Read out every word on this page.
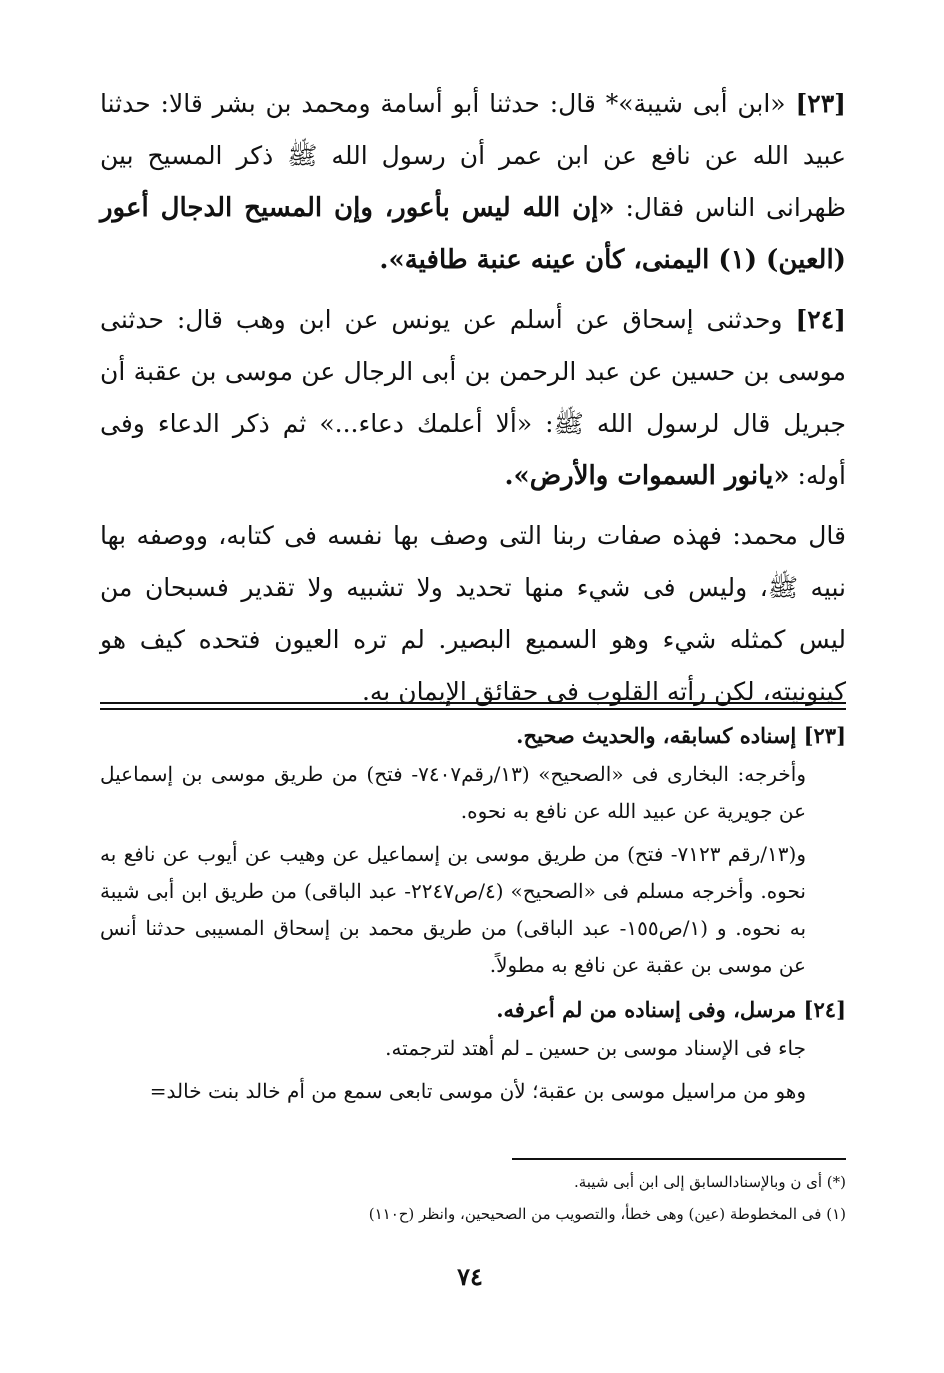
[٢٣] «ابن أبى شيبة»* قال: حدثنا أبو أسامة ومحمد بن بشر قالا: حدثنا عبيد الله عن نافع عن ابن عمر أن رسول الله ﷺ ذكر المسيح بين ظهرانى الناس فقال: «إن الله ليس بأعور، وإن المسيح الدجال أعور (العين) (١) اليمنى، كأن عينه عنبة طافية».

[٢٤] وحدثنى إسحاق عن أسلم عن يونس عن ابن وهب قال: حدثنى موسى بن حسين عن عبد الرحمن بن أبى الرجال عن موسى بن عقبة أن جبريل قال لرسول الله ﷺ: «ألا أعلمك دعاء...» ثم ذكر الدعاء وفى أوله: «يانور السموات والأرض».

قال محمد: فهذه صفات ربنا التى وصف بها نفسه فى كتابه، ووصفه بها نبيه ﷺ، وليس فى شيء منها تحديد ولا تشبيه ولا تقدير فسبحان من ليس كمثله شيء وهو السميع البصير. لم تره العيون فتحده كيف هو كينونيته، لكن رأته القلوب فى حقائق الإيمان به.

[٢٣] إسناده كسابقه، والحديث صحيح.

وأخرجه: البخارى فى «الصحيح» (١٣/رقم٧٤٠٧- فتح) من طريق موسى بن إسماعيل عن جويرية عن عبيد الله عن نافع به نحوه.

و(١٣/رقم ٧١٢٣- فتح) من طريق موسى بن إسماعيل عن وهيب عن أيوب عن نافع به نحوه. وأخرجه مسلم فى «الصحيح» (٤/ص٢٢٤٧- عبد الباقى) من طريق ابن أبى شيبة به نحوه. و (١/ص١٥٥- عبد الباقى) من طريق محمد بن إسحاق المسيبى حدثنا أنس عن موسى بن عقبة عن نافع به مطولاً.

[٢٤] مرسل، وفى إسناده من لم أعرفه.

جاء فى الإسناد موسى بن حسين ـ لم أهتد لترجمته.

وهو من مراسيل موسى بن عقبة؛ لأن موسى تابعى سمع من أم خالد بنت خالد=

(*) أى ن وبالإسنادالسابق إلى ابن أبى شيبة.

(١) فى المخطوطة (عين) وهى خطأ، والتصويب من الصحيحين، وانظر (ح١١٠)

٧٤
